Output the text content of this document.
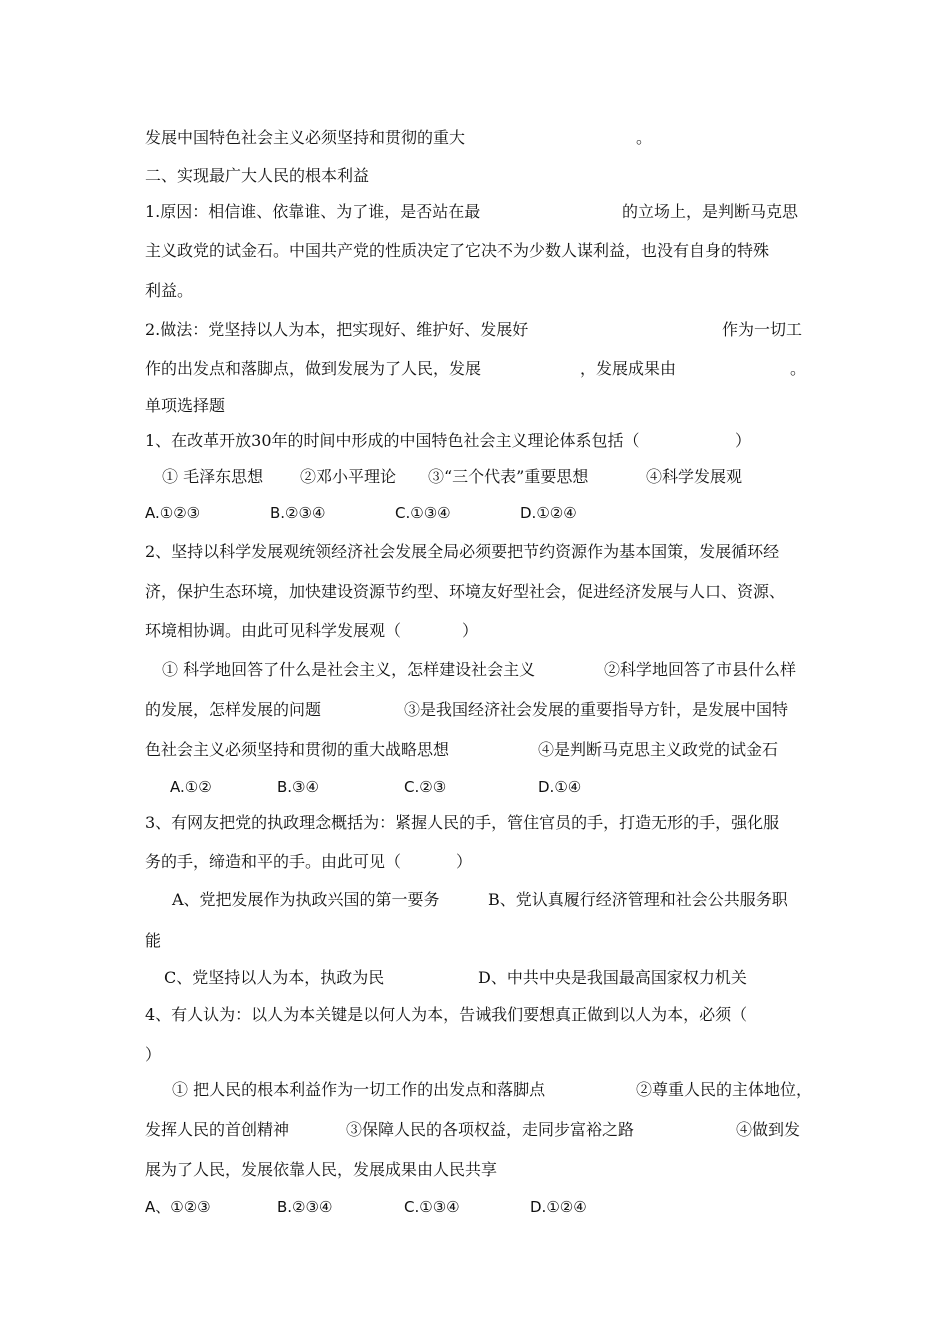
发展中国特色社会主义必须坚持和贯彻的重大	。
二、实现最广大人民的根本利益
1.原因：相信谁、依靠谁、为了谁，是否站在最	的立场上，是判断马克思
主义政党的试金石。中国共产党的性质决定了它决不为少数人谋利益，也没有自身的特殊
利益。
2.做法：党坚持以人为本，把实现好、维护好、发展好	作为一切工
作的出发点和落脚点，做到发展为了人民，发展	，发展成果由	。
单项选择题
1、在改革开放30年的时间中形成的中国特色社会主义理论体系包括（	）
① 毛泽东思想 ②邓小平理论 ③“三个代表”重要思想	④科学发展观
A.①②③	B.②③④	C.①③④	D.①②④
2、坚持以科学发展观统领经济社会发展全局必须要把节约资源作为基本国策，发展循环经
济，保护生态环境，加快建设资源节约型、环境友好型社会，促进经济发展与人口、资源、
环境相协调。由此可见科学发展观（	）
① 科学地回答了什么是社会主义，怎样建设社会主义	②科学地回答了市县什么样
的发展，怎样发展的问题	③是我国经济社会发展的重要指导方针，是发展中国特
色社会主义必须坚持和贯彻的重大战略思想	④是判断马克思主义政党的试金石
A.①②	B.③④	C.②③	D.①④
3、有网友把党的执政理念概括为：紧握人民的手，管住官员的手，打造无形的手，强化服
务的手，缔造和平的手。由此可见（	）
A、党把发展作为执政兴国的第一要务	B、党认真履行经济管理和社会公共服务职
能
C、党坚持以人为本，执政为民	D、中共中央是我国最高国家权力机关
4、有人认为：以人为本关键是以何人为本，告诫我们要想真正做到以人为本，必须（
）
① 把人民的根本利益作为一切工作的出发点和落脚点	②尊重人民的主体地位，
发挥人民的首创精神	③保障人民的各项权益，走同步富裕之路	④做到发
展为了人民，发展依靠人民，发展成果由人民共享
A、①②③	B.②③④	C.①③④	D.①②④
